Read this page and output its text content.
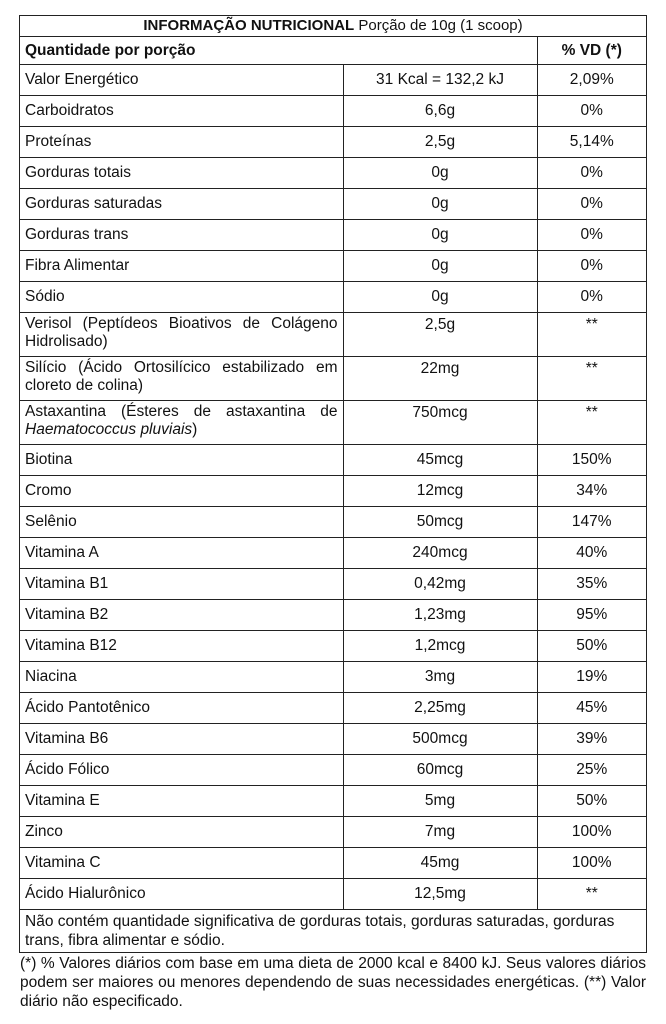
INFORMAÇÃO NUTRICIONAL Porção de 10g (1 scoop)
Quantidade por porção		% VD (*)
Valor Energético	31 Kcal = 132,2 kJ	2,09%
Carboidratos	6,6g	0%
Proteínas	2,5g	5,14%
Gorduras totais	0g	0%
Gorduras saturadas	0g	0%
Gorduras trans	0g	0%
Fibra Alimentar	0g	0%
Sódio	0g	0%
Verisol (Peptídeos Bioativos de Colágeno Hidrolisado)	2,5g	**
Silício (Ácido Ortosilícico estabilizado em cloreto de colina)	22mg	**
Astaxantina (Ésteres de astaxantina de Haematococcus pluviais)	750mcg	**
Biotina	45mcg	150%
Cromo	12mcg	34%
Selênio	50mcg	147%
Vitamina A	240mcg	40%
Vitamina B1	0,42mg	35%
Vitamina B2	1,23mg	95%
Vitamina B12	1,2mcg	50%
Niacina	3mg	19%
Ácido Pantotênico	2,25mg	45%
Vitamina B6	500mcg	39%
Ácido Fólico	60mcg	25%
Vitamina E	5mg	50%
Zinco	7mg	100%
Vitamina C	45mg	100%
Ácido Hialurônico	12,5mg	**
Não contém quantidade significativa de gorduras totais, gorduras saturadas, gorduras trans, fibra alimentar e sódio.		
(*) % Valores diários com base em uma dieta de 2000 kcal e 8400 kJ. Seus valores diários podem ser maiores ou menores dependendo de suas necessidades energéticas. (**) Valor diário não especificado.
